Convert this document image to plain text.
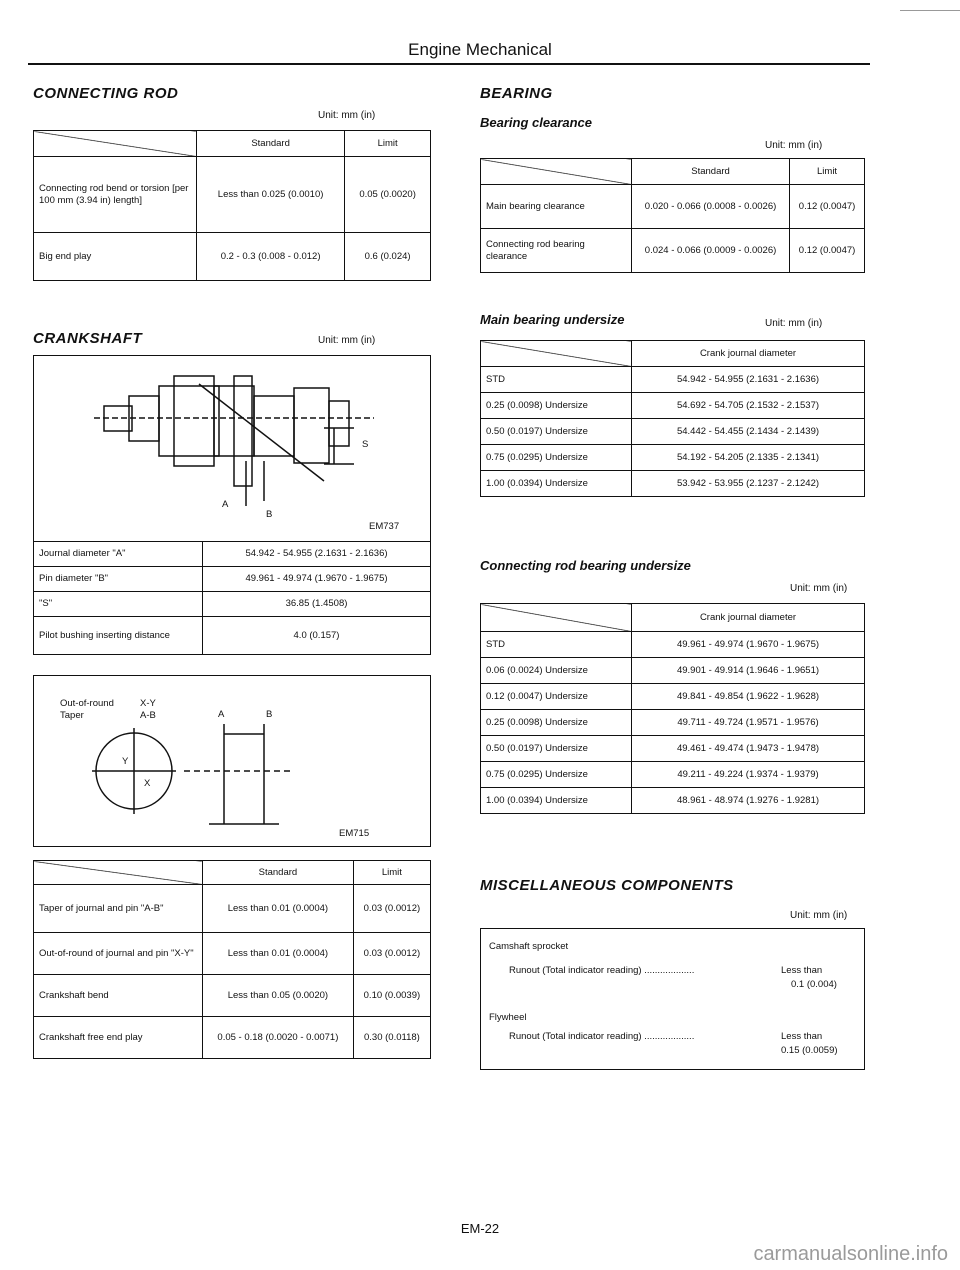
Engine Mechanical
CONNECTING ROD
Unit: mm (in)
	Standard	Limit
Connecting rod bend or torsion [per 100 mm (3.94 in) length]	Less than 0.025 (0.0010)	0.05 (0.0020)
Big end play	0.2 - 0.3 (0.008 - 0.012)	0.6 (0.024)
CRANKSHAFT	Unit: mm (in)
A
B
S
EM737
Journal diameter "A"	54.942 - 54.955 (2.1631 - 2.1636)
Pin diameter "B"	49.961 - 49.974 (1.9670 - 1.9675)
"S"	36.85 (1.4508)
Pilot bushing inserting distance	4.0 (0.157)
Out-of-round	X-Y
Taper	A-B
Y
X
A	B
EM715
	Standard	Limit
Taper of journal and pin "A-B"	Less than 0.01 (0.0004)	0.03 (0.0012)
Out-of-round of journal and pin "X-Y"	Less than 0.01 (0.0004)	0.03 (0.0012)
Crankshaft bend	Less than 0.05 (0.0020)	0.10 (0.0039)
Crankshaft free end play	0.05 - 0.18 (0.0020 - 0.0071)	0.30 (0.0118)
BEARING
Bearing clearance
Unit: mm (in)
	Standard	Limit
Main bearing clearance	0.020 - 0.066 (0.0008 - 0.0026)	0.12 (0.0047)
Connecting rod bearing clearance	0.024 - 0.066 (0.0009 - 0.0026)	0.12 (0.0047)
Main bearing undersize	Unit: mm (in)
	Crank journal diameter
STD	54.942 - 54.955 (2.1631 - 2.1636)
0.25 (0.0098) Undersize	54.692 - 54.705 (2.1532 - 2.1537)
0.50 (0.0197) Undersize	54.442 - 54.455 (2.1434 - 2.1439)
0.75 (0.0295) Undersize	54.192 - 54.205 (2.1335 - 2.1341)
1.00 (0.0394) Undersize	53.942 - 53.955 (2.1237 - 2.1242)
Connecting rod bearing undersize
Unit: mm (in)
	Crank journal diameter
STD	49.961 - 49.974 (1.9670 - 1.9675)
0.06 (0.0024) Undersize	49.901 - 49.914 (1.9646 - 1.9651)
0.12 (0.0047) Undersize	49.841 - 49.854 (1.9622 - 1.9628)
0.25 (0.0098) Undersize	49.711 - 49.724 (1.9571 - 1.9576)
0.50 (0.0197) Undersize	49.461 - 49.474 (1.9473 - 1.9478)
0.75 (0.0295) Undersize	49.211 - 49.224 (1.9374 - 1.9379)
1.00 (0.0394) Undersize	48.961 - 48.974 (1.9276 - 1.9281)
MISCELLANEOUS COMPONENTS
Unit: mm (in)
Camshaft sprocket
Runout (Total indicator reading) ...................	Less than
0.1 (0.004)
Flywheel
Runout (Total indicator reading) ...................	Less than
0.15 (0.0059)
EM-22
carmanualsonline.info
